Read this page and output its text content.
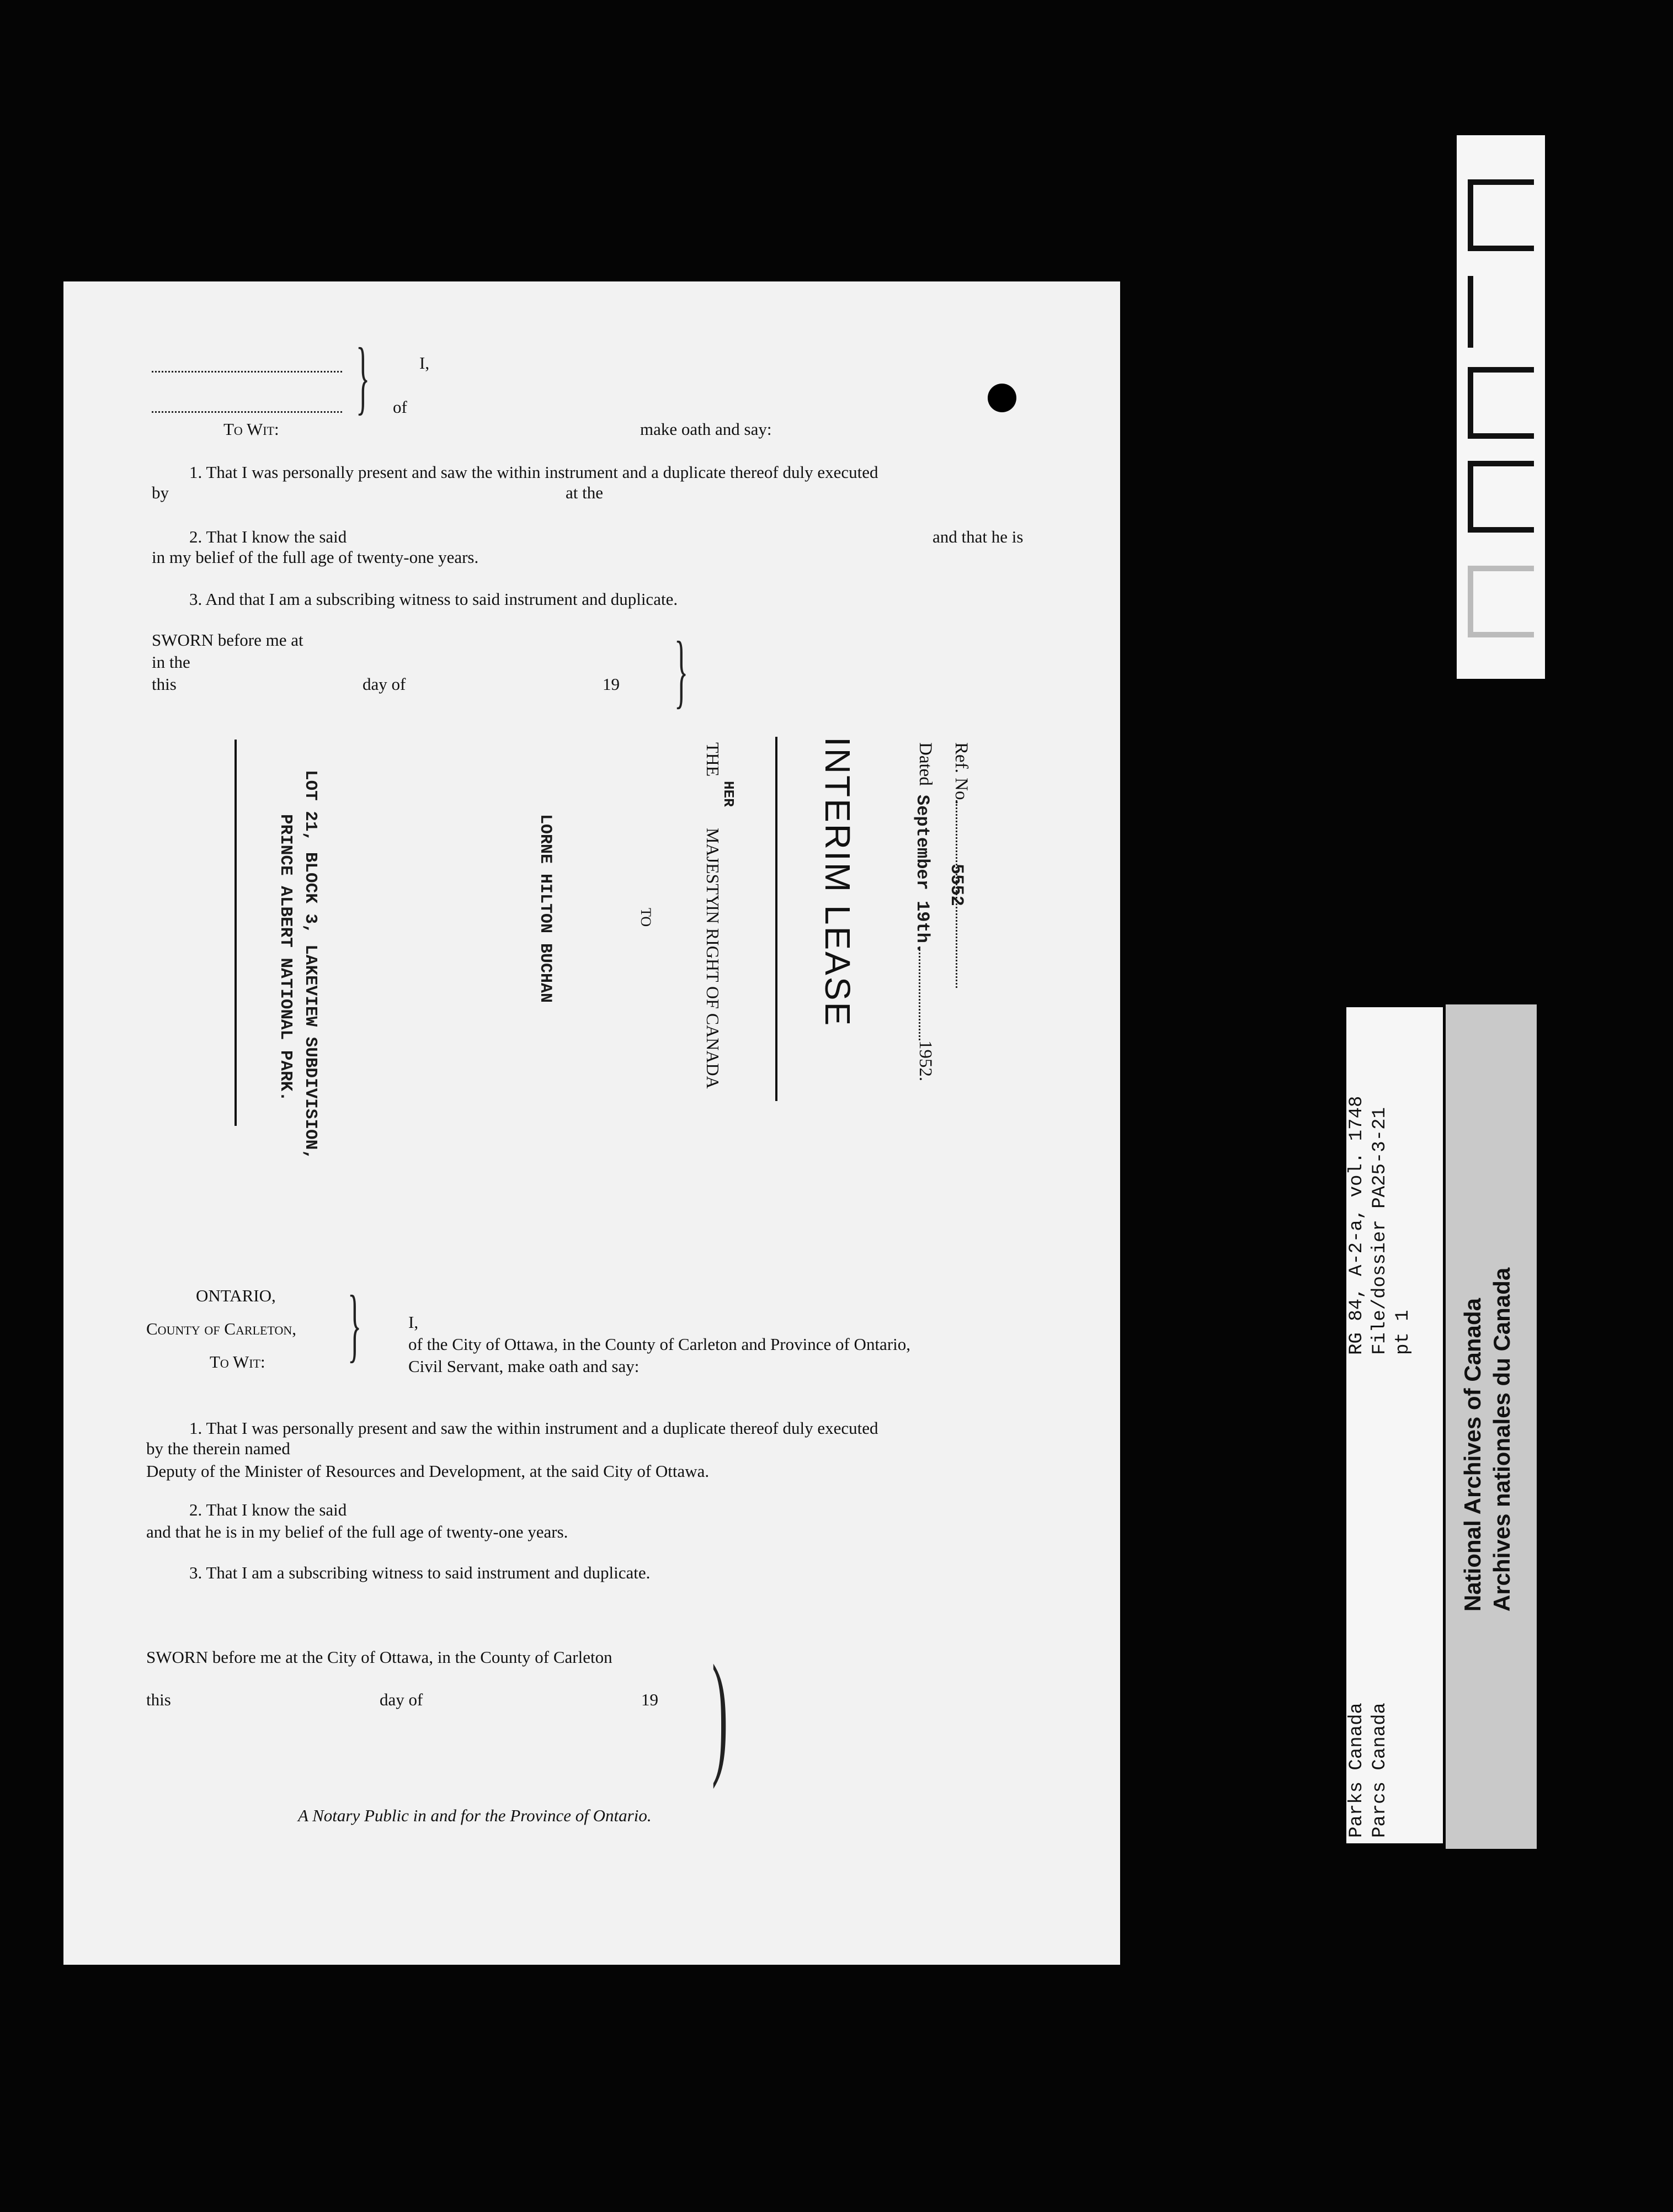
}	I,
of
To Wit:	make oath and say:
1. That I was personally present and saw the within instrument and a duplicate thereof duly executed
by	at the
2. That I know the said	and that he is
in my belief of the full age of twenty-one years.
3. And that I am a subscribing witness to said instrument and duplicate.
SWORN before me at
in the
this	day of	19 }
Ref. No.
5552
Dated
September 19th.
1952.
INTERIM LEASE
THE
HER
MAJESTY
IN RIGHT OF CANADA
TO
LORNE HILTON BUCHAN
LOT 21, BLOCK 3, LAKEVIEW SUBDIVISION,
PRINCE ALBERT NATIONAL PARK.
ONTARIO,
County of Carleton,
To Wit: }	I,
of the City of Ottawa, in the County of Carleton and Province of Ontario,
Civil Servant, make oath and say:
1. That I was personally present and saw the within instrument and a duplicate thereof duly executed
by the therein named
Deputy of the Minister of Resources and Development, at the said City of Ottawa.
2. That I know the said
and that he is in my belief of the full age of twenty-one years.
3. That I am a subscribing witness to said instrument and duplicate.
SWORN before me at the City of Ottawa, in the County of Carleton
this	day of	19 )
A Notary Public in and for the Province of Ontario.
RG 84, A-2-a, vol. 1748 File/dossier PA25-3-21 pt 1
Parks Canada Parcs Canada
National Archives of Canada Archives nationales du Canada
